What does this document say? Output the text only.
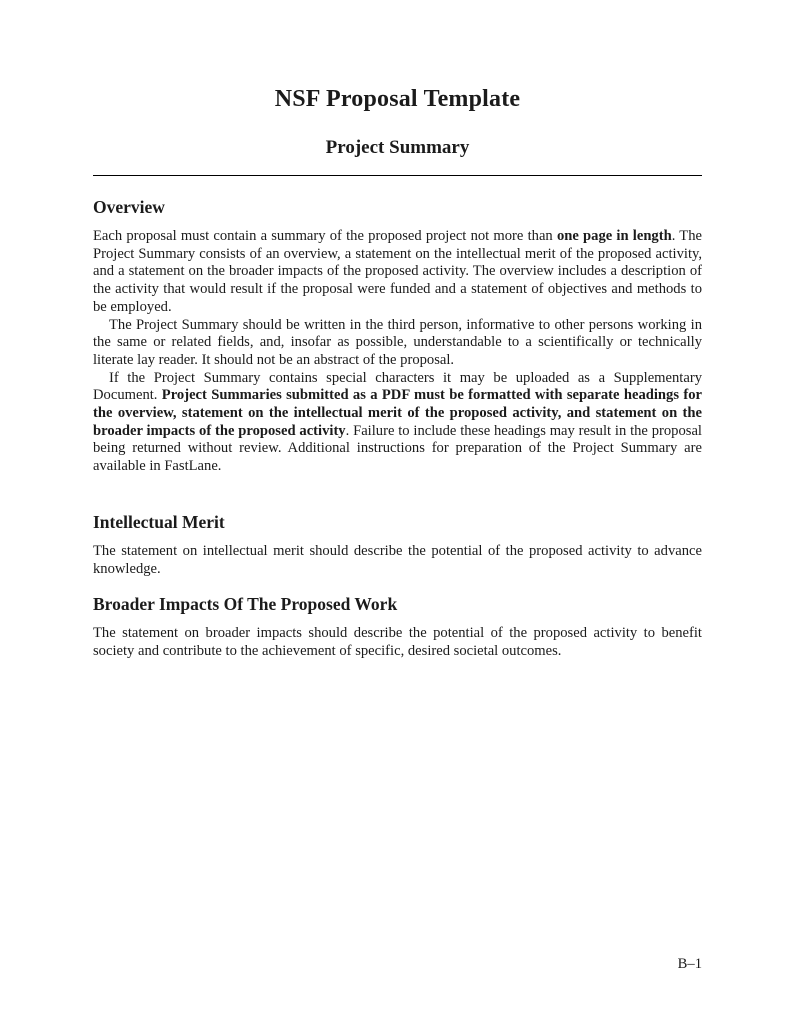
NSF Proposal Template
Project Summary
Overview

Each proposal must contain a summary of the proposed project not more than one page in length. The Project Summary consists of an overview, a statement on the intellectual merit of the proposed activity, and a statement on the broader impacts of the proposed activity. The overview includes a description of the activity that would result if the proposal were funded and a statement of objectives and methods to be employed.

The Project Summary should be written in the third person, informative to other persons working in the same or related fields, and, insofar as possible, understandable to a scientifically or technically literate lay reader. It should not be an abstract of the proposal.

If the Project Summary contains special characters it may be uploaded as a Supplementary Document. Project Summaries submitted as a PDF must be formatted with separate headings for the overview, statement on the intellectual merit of the proposed activity, and statement on the broader impacts of the proposed activity. Failure to include these headings may result in the proposal being returned without review. Additional instructions for preparation of the Project Summary are available in FastLane.

Intellectual Merit

The statement on intellectual merit should describe the potential of the proposed activity to advance knowledge.

Broader Impacts Of The Proposed Work

The statement on broader impacts should describe the potential of the proposed activity to benefit society and contribute to the achievement of specific, desired societal outcomes.

B–1
